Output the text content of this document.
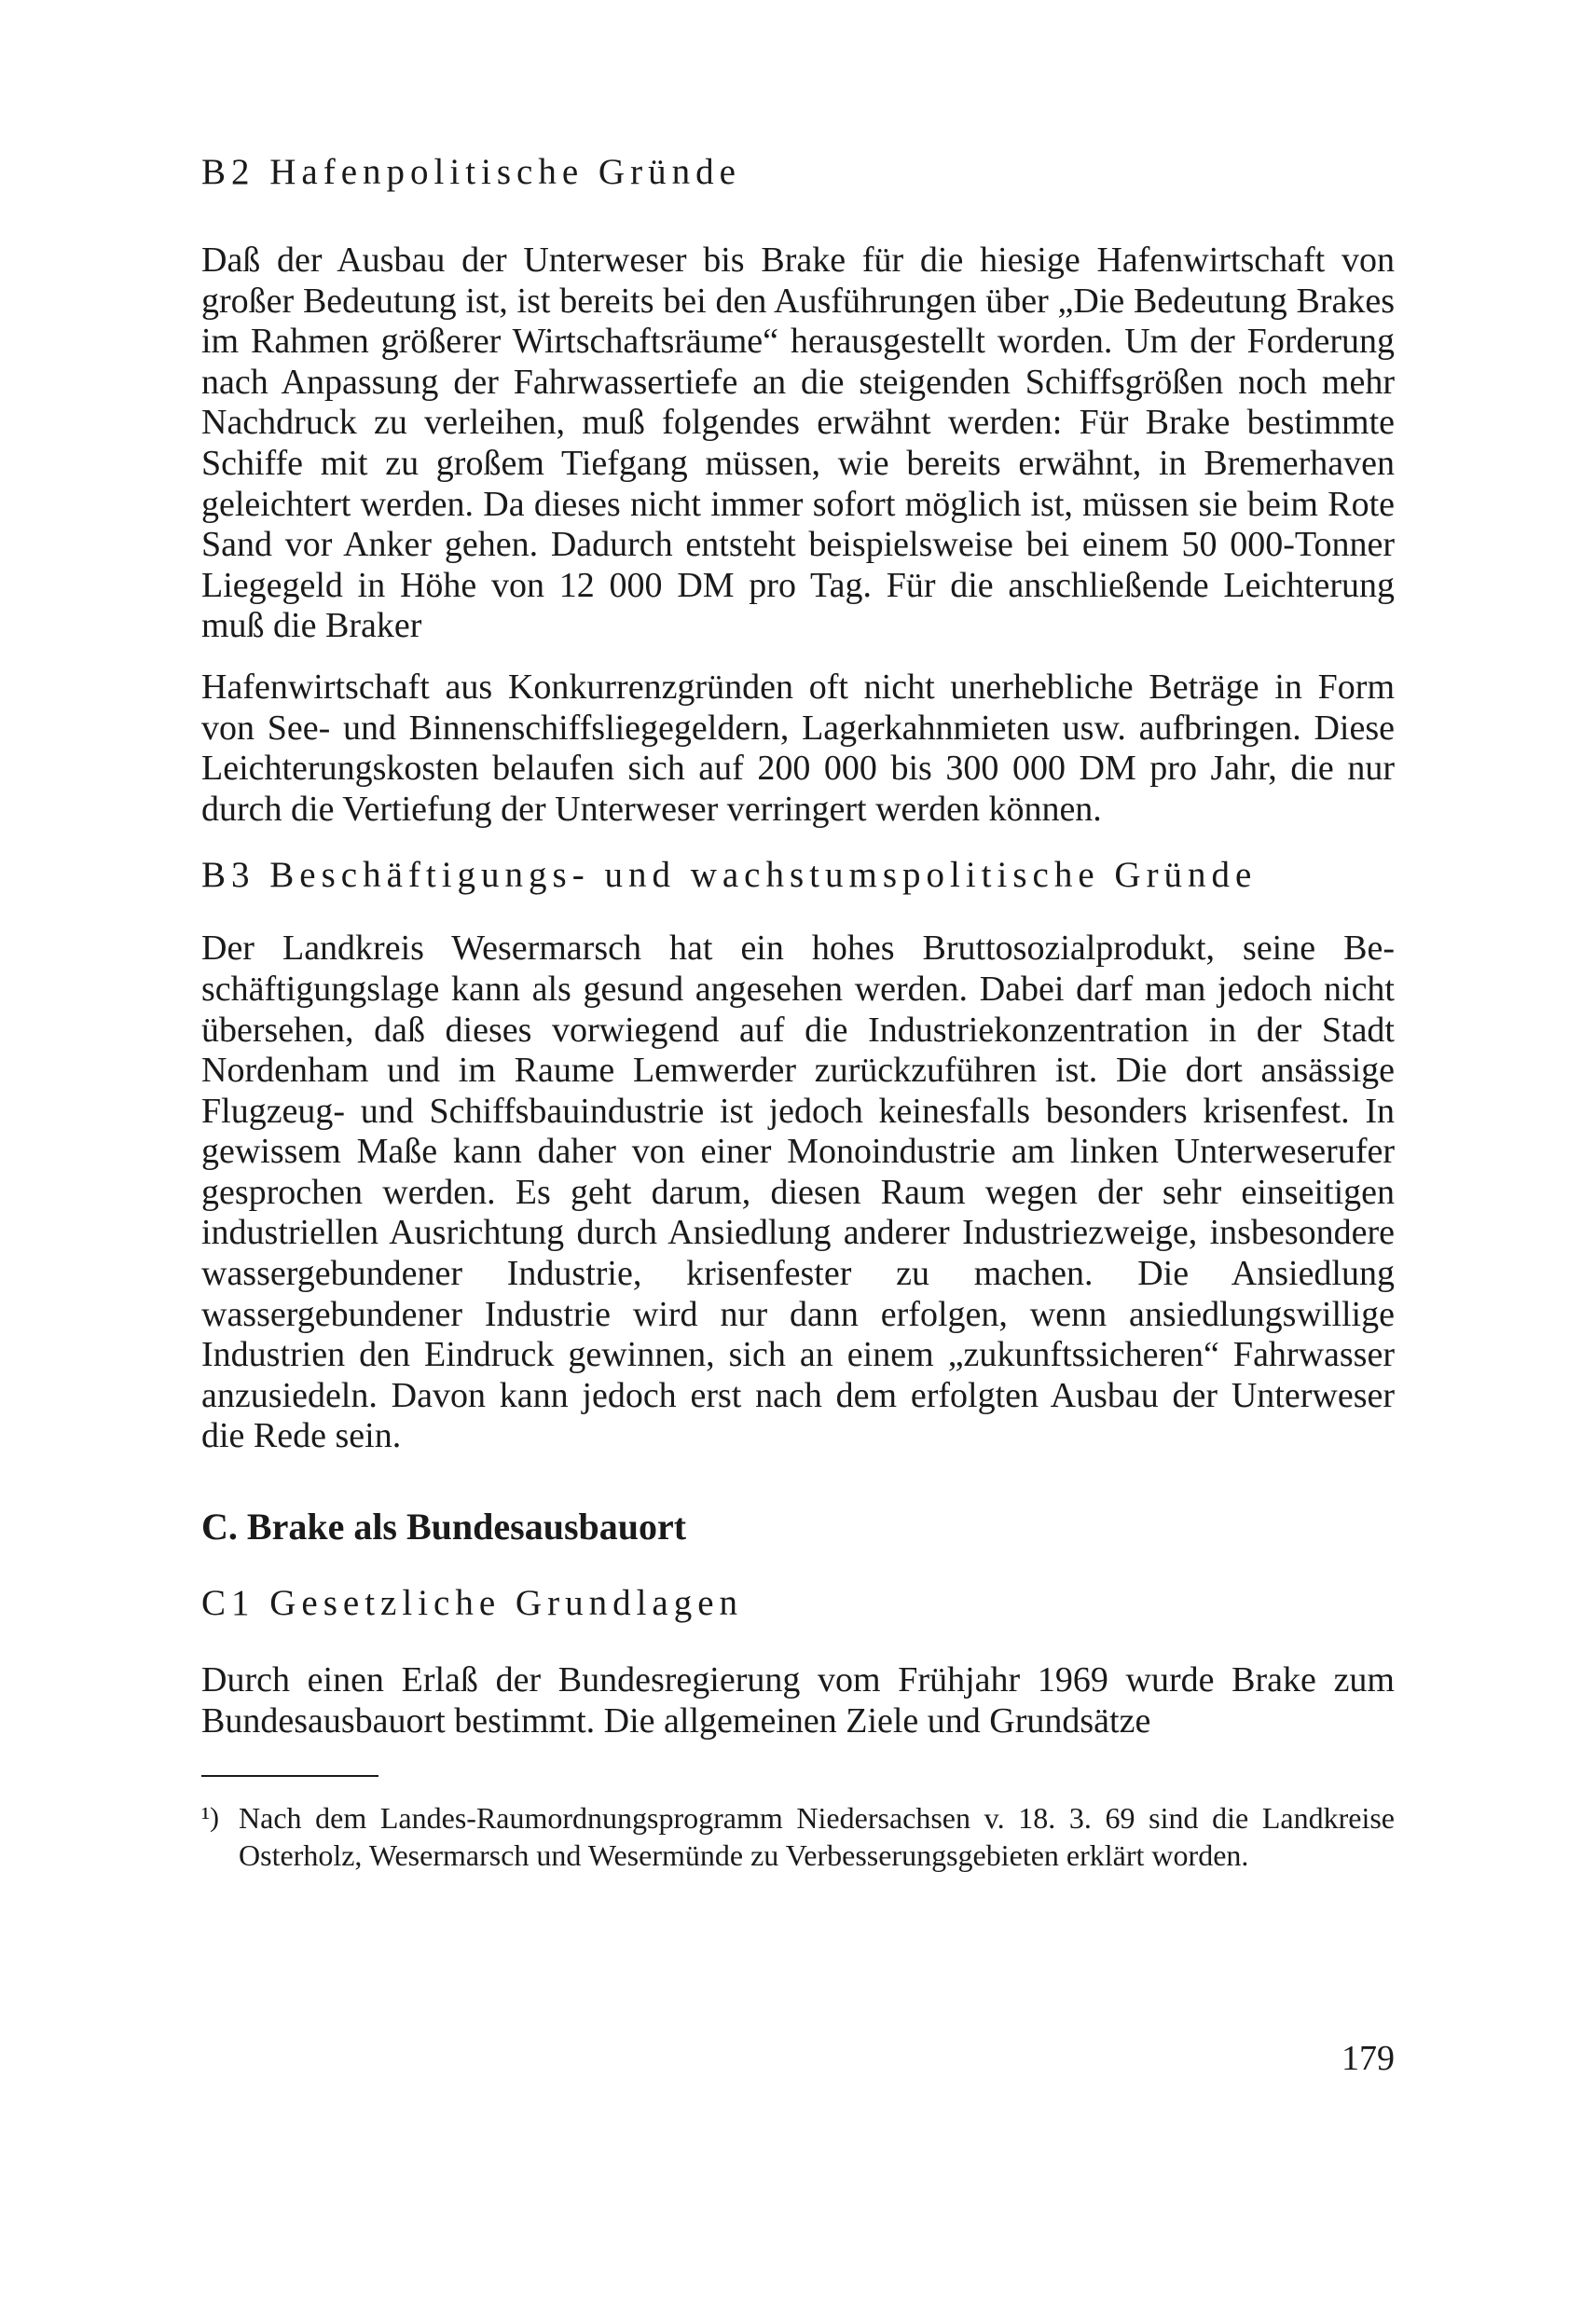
B2 Hafenpolitische Gründe

Daß der Ausbau der Unterweser bis Brake für die hiesige Hafenwirtschaft von großer Bedeutung ist, ist bereits bei den Ausführungen über „Die Bedeutung Brakes im Rahmen größerer Wirtschaftsräume“ herausgestellt worden. Um der Forderung nach Anpassung der Fahrwassertiefe an die steigenden Schiffsgrößen noch mehr Nachdruck zu verleihen, muß folgendes erwähnt werden: Für Brake bestimmte Schiffe mit zu großem Tiefgang müssen, wie bereits erwähnt, in Bremerhaven geleichtert werden. Da dieses nicht immer sofort möglich ist, müssen sie beim Rote Sand vor Anker gehen. Dadurch entsteht beispielsweise bei einem 50 000-Tonner Liegegeld in Höhe von 12 000 DM pro Tag. Für die anschließende Leichterung muß die Braker

Hafenwirtschaft aus Konkurrenzgründen oft nicht unerhebliche Beträge in Form von See- und Binnenschiffsliegegeldern, Lagerkahnmieten usw. aufbringen. Diese Leichterungskosten belaufen sich auf 200 000 bis 300 000 DM pro Jahr, die nur durch die Vertiefung der Unterweser verringert werden können.

B3 Beschäftigungs- und wachstumspolitische Gründe

Der Landkreis Wesermarsch hat ein hohes Bruttosozialprodukt, seine Beschäftigungslage kann als gesund angesehen werden. Dabei darf man jedoch nicht übersehen, daß dieses vorwiegend auf die Industriekonzentration in der Stadt Nordenham und im Raume Lemwerder zurückzuführen ist. Die dort ansässige Flugzeug- und Schiffsbauindustrie ist jedoch keinesfalls besonders krisenfest. In gewissem Maße kann daher von einer Monoindustrie am linken Unterweserufer gesprochen werden. Es geht darum, diesen Raum wegen der sehr einseitigen industriellen Ausrichtung durch Ansiedlung anderer Industriezweige, insbesondere wassergebundener Industrie, krisenfester zu machen. Die Ansiedlung wassergebundener Industrie wird nur dann erfolgen, wenn ansiedlungswillige Industrien den Eindruck gewinnen, sich an einem „zukunftssicheren“ Fahrwasser anzusiedeln. Davon kann jedoch erst nach dem erfolgten Ausbau der Unterweser die Rede sein.

C. Brake als Bundesausbauort
C1 Gesetzliche Grundlagen

Durch einen Erlaß der Bundesregierung vom Frühjahr 1969 wurde Brake zum Bundesausbauort bestimmt. Die allgemeinen Ziele und Grundsätze

¹) Nach dem Landes-Raumordnungsprogramm Niedersachsen v. 18. 3. 69 sind die Landkreise Osterholz, Wesermarsch und Wesermünde zu Verbesserungsgebieten erklärt worden.

179
